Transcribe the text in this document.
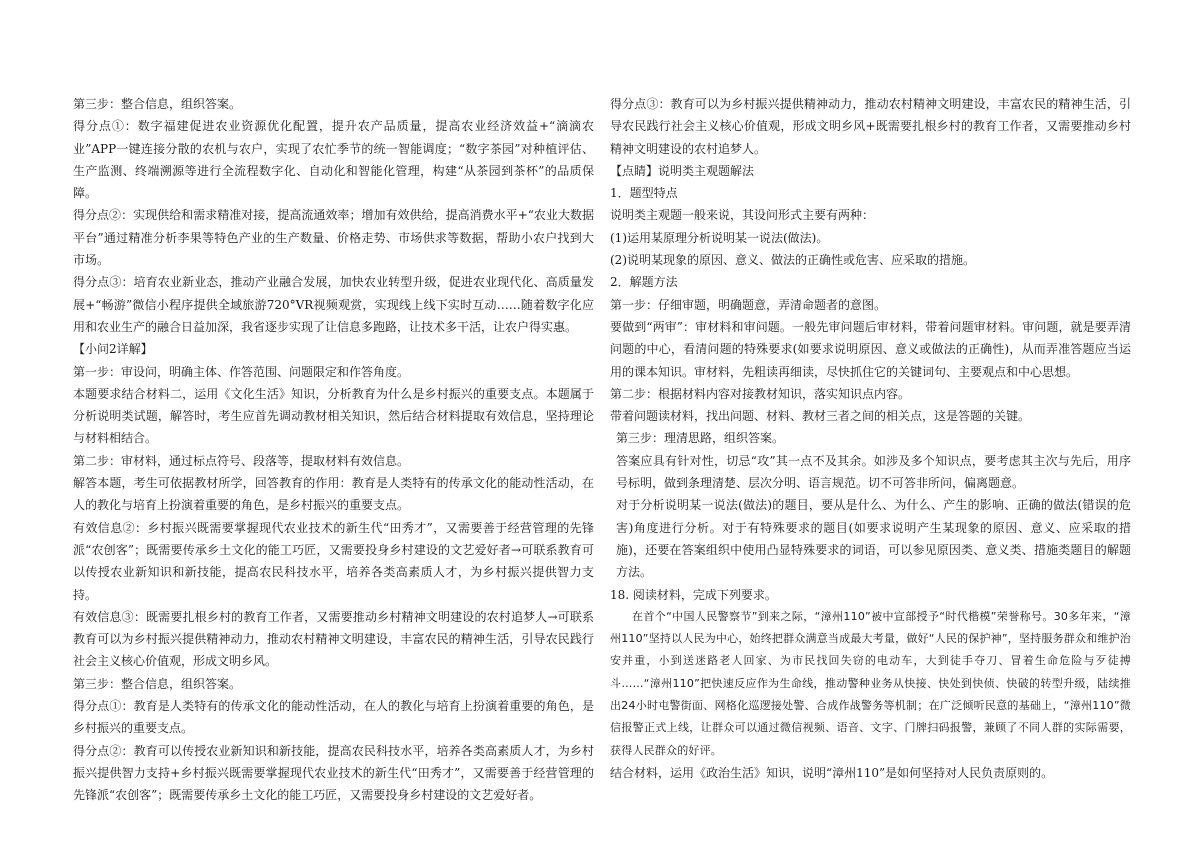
第三步：整合信息，组织答案。

得分点①：数字福建促进农业资源优化配置，提升农产品质量，提高农业经济效益+“滴滴农业”APP一键连接分散的农机与农户，实现了农忙季节的统一智能调度；“数字茶园”对种植评估、生产监测、终端溯源等进行全流程数字化、自动化和智能化管理，构建“从茶园到茶杯”的品质保障。

得分点②：实现供给和需求精准对接，提高流通效率；增加有效供给，提高消费水平+“农业大数据平台”通过精准分析李果等特色产业的生产数量、价格走势、市场供求等数据，帮助小农户找到大市场。

得分点③：培育农业新业态，推动产业融合发展，加快农业转型升级，促进农业现代化、高质量发展+“畅游”微信小程序提供全域旅游720°VR视频观赏，实现线上线下实时互动……随着数字化应用和农业生产的融合日益加深，我省逐步实现了让信息多跑路，让技术多干活，让农户得实惠。

【小问2详解】

第一步：审设问，明确主体、作答范围、问题限定和作答角度。

本题要求结合材料二，运用《文化生活》知识，分析教育为什么是乡村振兴的重要支点。本题属于分析说明类试题，解答时，考生应首先调动教材相关知识，然后结合材料提取有效信息，坚持理论与材料相结合。

第二步：审材料，通过标点符号、段落等，提取材料有效信息。

解答本题，考生可依据教材所学，回答教育的作用：教育是人类特有的传承文化的能动性活动，在人的教化与培育上扮演着重要的角色，是乡村振兴的重要支点。

有效信息②：乡村振兴既需要掌握现代农业技术的新生代“田秀才”，又需要善于经营管理的先锋派“农创客”；既需要传承乡土文化的能工巧匠，又需要投身乡村建设的文艺爱好者→可联系教育可以传授农业新知识和新技能，提高农民科技水平，培养各类高素质人才，为乡村振兴提供智力支持。

有效信息③：既需要扎根乡村的教育工作者，又需要推动乡村精神文明建设的农村追梦人→可联系教育可以为乡村振兴提供精神动力，推动农村精神文明建设，丰富农民的精神生活，引导农民践行社会主义核心价值观，形成文明乡风。

第三步：整合信息，组织答案。

得分点①：教育是人类特有的传承文化的能动性活动，在人的教化与培育上扮演着重要的角色，是乡村振兴的重要支点。

得分点②：教育可以传授农业新知识和新技能，提高农民科技水平，培养各类高素质人才，为乡村振兴提供智力支持+乡村振兴既需要掌握现代农业技术的新生代“田秀才”，又需要善于经营管理的先锋派“农创客”；既需要传承乡土文化的能工巧匠，又需要投身乡村建设的文艺爱好者。

得分点③：教育可以为乡村振兴提供精神动力，推动农村精神文明建设，丰富农民的精神生活，引导农民践行社会主义核心价值观，形成文明乡风+既需要扎根乡村的教育工作者，又需要推动乡村精神文明建设的农村追梦人。

【点睛】说明类主观题解法

1．题型特点

说明类主观题一般来说，其设问形式主要有两种：

(1)运用某原理分析说明某一说法(做法)。

(2)说明某现象的原因、意义、做法的正确性或危害、应采取的措施。

2．解题方法

第一步：仔细审题，明确题意，弄清命题者的意图。

要做到“两审”：审材料和审问题。一般先审问题后审材料，带着问题审材料。审问题，就是要弄清问题的中心，看清问题的特殊要求(如要求说明原因、意义或做法的正确性)，从而弄准答题应当运用的课本知识。审材料，先粗读再细读，尽快抓住它的关键词句、主要观点和中心思想。

第二步：根据材料内容对接教材知识，落实知识点内容。

带着问题读材料，找出问题、材料、教材三者之间的相关点，这是答题的关键。

第三步：理清思路，组织答案。

答案应具有针对性，切忌“攻”其一点不及其余。如涉及多个知识点，要考虑其主次与先后，用序号标明，做到条理清楚、层次分明、语言规范。切不可答非所问，偏离题意。

对于分析说明某一说法(做法)的题目，要从是什么、为什么、产生的影响、正确的做法(错误的危害)角度进行分析。对于有特殊要求的题目(如要求说明产生某现象的原因、意义、应采取的措施)，还要在答案组织中使用凸显特殊要求的词语，可以参见原因类、意义类、措施类题目的解题方法。

18. 阅读材料，完成下列要求。

在首个“中国人民警察节”到来之际，“漳州110”被中宣部授予“时代楷模”荣誉称号。30多年来，“漳州110”坚持以人民为中心，始终把群众满意当成最大考量，做好“人民的保护神”，坚持服务群众和维护治安并重，小到送迷路老人回家、为市民找回失窃的电动车，大到徒手夺刀、冒着生命危险与歹徒搏斗……“漳州110”把快速反应作为生命线，推动警种业务从快接、快处到快侦、快破的转型升级，陆续推出24小时屯警街面、网格化巡逻接处警、合成作战警务等机制；在广泛倾听民意的基础上，“漳州110”微信报警正式上线，让群众可以通过微信视频、语音、文字、门牌扫码报警，兼顾了不同人群的实际需要，获得人民群众的好评。

结合材料，运用《政治生活》知识，说明“漳州110”是如何坚持对人民负责原则的。
